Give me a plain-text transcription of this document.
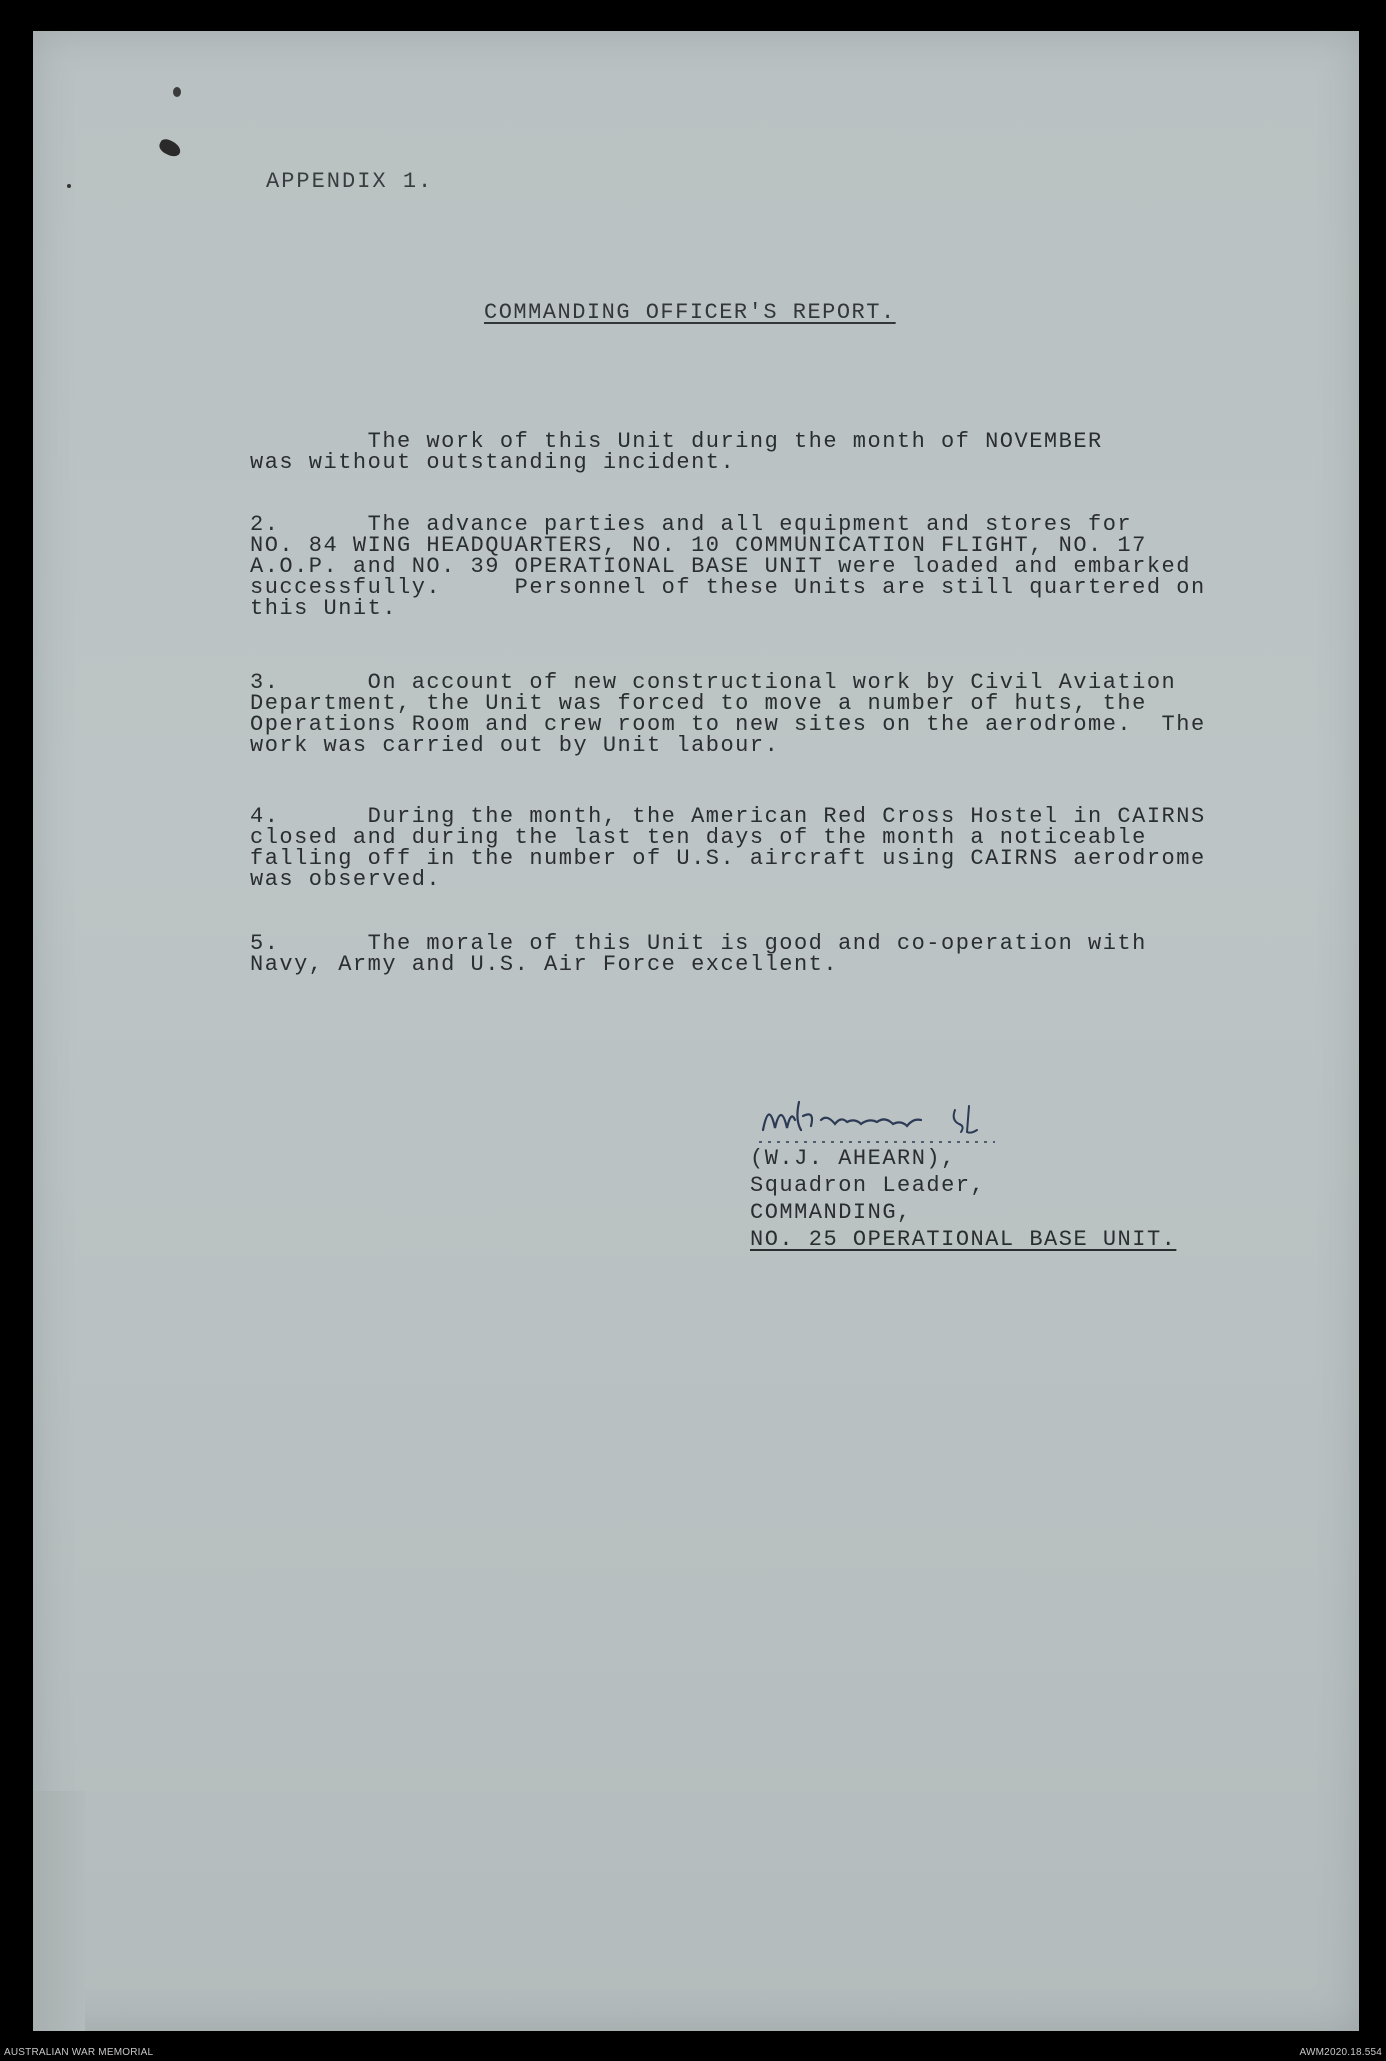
APPENDIX 1.
COMMANDING OFFICER'S REPORT.
The work of this Unit during the month of NOVEMBER
was without outstanding incident.
2.      The advance parties and all equipment and stores for
NO. 84 WING HEADQUARTERS, NO. 10 COMMUNICATION FLIGHT, NO. 17
A.O.P. and NO. 39 OPERATIONAL BASE UNIT were loaded and embarked
successfully.     Personnel of these Units are still quartered on
this Unit.
3.      On account of new constructional work by Civil Aviation
Department, the Unit was forced to move a number of huts, the
Operations Room and crew room to new sites on the aerodrome.  The
work was carried out by Unit labour.
4.      During the month, the American Red Cross Hostel in CAIRNS
closed and during the last ten days of the month a noticeable
falling off in the number of U.S. aircraft using CAIRNS aerodrome
was observed.
5.      The morale of this Unit is good and co-operation with
Navy, Army and U.S. Air Force excellent.
(W.J. AHEARN),
Squadron Leader,
COMMANDING,
NO. 25 OPERATIONAL BASE UNIT.
AUSTRALIAN WAR MEMORIAL	AWM2020.18.554
